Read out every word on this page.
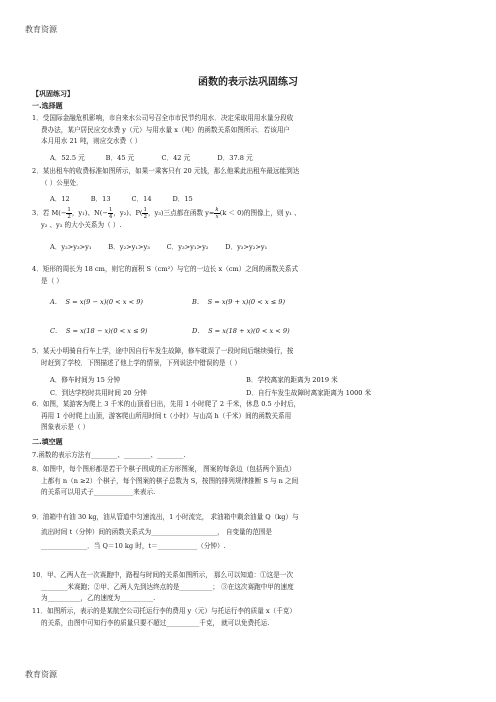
教育资源
函数的表示法巩固练习
【巩固练习】
一.选择题

1．受国际金融危机影响，市自来水公司号召全市市民节约用水．决定采取用用水量分段收

费办法，某户居民应交水费 y（元）与用水量 x（吨）的函数关系如图所示．若该用户

本月用水 21 吨，则应交水费（ ）

A．52.5 元          B．45 元             C．42 元             D．37.8 元

2．某出租车的收费标准如图所示，如果一乘客只有 20 元钱，那么他乘此出租车最远能到达

（ ）公里处．

A．12          B．13          C．14          D．15

3．若 $M(- \frac{1}{2}$ ，y₁)、$N(- \frac{1}{4}$ ，y₂)、$P( \frac{1}{2}$ ，y₃)三点都在函数 $y= \frac{k}{x} (k < 0)$的图像上，则 y₁ 、

y₂ 、y₃ 的大小关系为（ ）.

A．y₂>y₃>y₁        B．y₂>y₁>y₃        C．y₃>y₁>y₂        D．y₃>y₂>y₁

4．矩形的周长为 18 cm，则它的面积 S（cm²）与它的一边长 x（cm）之间的函数关系式

是（ ）

A．  S = x(9 − x)(0 < x < 9)	B．  S = x(9 + x)(0 < x ≤ 9)
C．  S = x(18 − x)(0 < x ≤ 9)	D．  S = x(18 + x)(0 < x < 9)

5．某天小明骑自行车上学，途中因自行车发生故障，修车耽误了一段时间后继续骑行，按

时赶到了学校．下图描述了他上学的情景，下列说法中错误的是（ ）

A．修车时间为 15 分钟	B．学校离家的距离为 2019 米
C．到达学校时共用时间 20 分钟	D．自行车发生故障时离家距离为 1000 米

6．如图，某游客为爬上 3 千米的山顶看日出，先用 1 小时爬了 2 千米，休息 0.5 小时后，

再用 1 小时爬上山顶，游客爬山所用时间 t（小时）与山高 h（千米）间的函数关系用

图象表示是（ ）

二.填空题

7.函数的表示方法有________、________、________.

8．如图中，每个图形都是若干个棋子围成的正方形图案， 图案的每条边（包括两个顶点）

上都有 n（n ≥2）个棋子，每个图案的棋子总数为 S，按图的排列规律推断 S 与 n 之间

的关系可以用式子____________来表示.

9．油箱中有油 30 kg，油从管道中匀速流出，1 小时流完， 求油箱中剩余油量 Q（kg）与

流出时间 t（分钟）间的函数关系式为____________________， 自变量的范围是

______________．当 Q＝10 kg 时，t＝____________（分钟）.

10．甲、乙两人在一次赛跑中，路程与时间的关系如图所示， 那么可以知道：①这是一次

________米赛跑；②甲、乙两人先到达终点的是__________； ③在这次赛跑中甲的速度

为__________，乙的速度为__________.

11．如图所示，表示的是某航空公司托运行李的费用 y（元）与托运行李的质量 x（千克）

的关系，由图中可知行李的质量只要不超过__________千克， 就可以免费托运.

教育资源
